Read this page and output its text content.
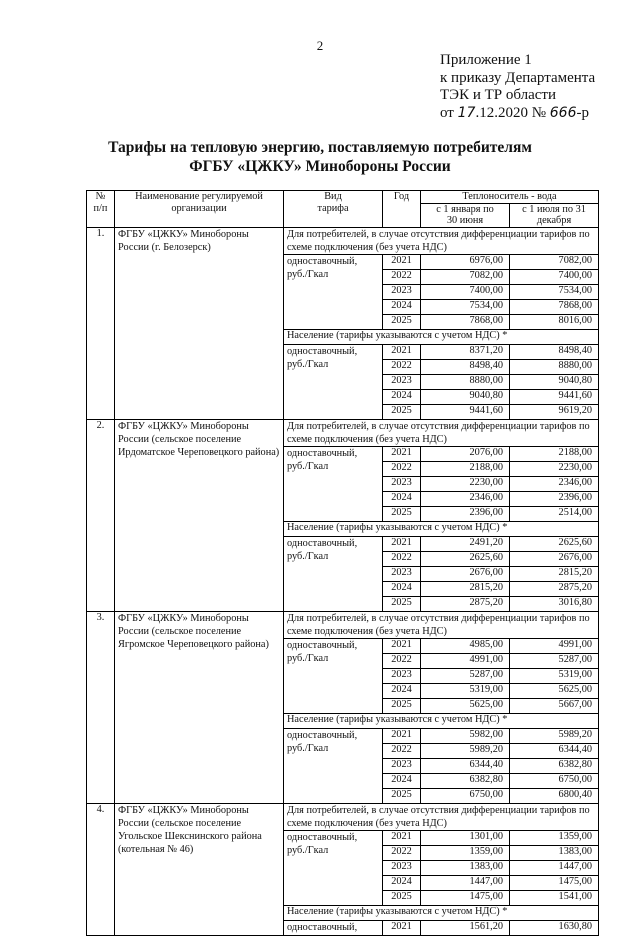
2
Приложение 1
к приказу Департамента
ТЭК и ТР области
от 17.12.2020 № 666-р
Тарифы на тепловую энергию, поставляемую потребителям
ФГБУ «ЦЖКУ» Минобороны России
№ п/п	Наименование регулируемой организации	Вид тарифа	Год	Теплоноситель - вода	
				с 1 января по 30 июня	с 1 июля по 31 декабря
1.	ФГБУ «ЦЖКУ» Минобороны России (г. Белозерск)	Для потребителей, в случае отсутствия дифференциации тарифов по схеме подключения (без учета НДС)			
		одноставочный, руб./Гкал	2021	6976,00	7082,00
			2022	7082,00	7400,00
			2023	7400,00	7534,00
			2024	7534,00	7868,00
			2025	7868,00	8016,00
		Население (тарифы указываются с учетом НДС) *			
		одноставочный, руб./Гкал	2021	8371,20	8498,40
			2022	8498,40	8880,00
			2023	8880,00	9040,80
			2024	9040,80	9441,60
			2025	9441,60	9619,20
2.	ФГБУ «ЦЖКУ» Минобороны России (сельское поселение Ирдоматское Череповецкого района)	Для потребителей, в случае отсутствия дифференциации тарифов по схеме подключения (без учета НДС)			
		одноставочный, руб./Гкал	2021	2076,00	2188,00
			2022	2188,00	2230,00
			2023	2230,00	2346,00
			2024	2346,00	2396,00
			2025	2396,00	2514,00
		Население (тарифы указываются с учетом НДС) *			
		одноставочный, руб./Гкал	2021	2491,20	2625,60
			2022	2625,60	2676,00
			2023	2676,00	2815,20
			2024	2815,20	2875,20
			2025	2875,20	3016,80
3.	ФГБУ «ЦЖКУ» Минобороны России (сельское поселение Ягромское Череповецкого района)	Для потребителей, в случае отсутствия дифференциации тарифов по схеме подключения (без учета НДС)			
		одноставочный, руб./Гкал	2021	4985,00	4991,00
			2022	4991,00	5287,00
			2023	5287,00	5319,00
			2024	5319,00	5625,00
			2025	5625,00	5667,00
		Население (тарифы указываются с учетом НДС) *			
		одноставочный, руб./Гкал	2021	5982,00	5989,20
			2022	5989,20	6344,40
			2023	6344,40	6382,80
			2024	6382,80	6750,00
			2025	6750,00	6800,40
4.	ФГБУ «ЦЖКУ» Минобороны России (сельское поселение Угольское Шекснинского района (котельная № 46)	Для потребителей, в случае отсутствия дифференциации тарифов по схеме подключения (без учета НДС)			
		одноставочный, руб./Гкал	2021	1301,00	1359,00
			2022	1359,00	1383,00
			2023	1383,00	1447,00
			2024	1447,00	1475,00
			2025	1475,00	1541,00
		Население (тарифы указываются с учетом НДС) *			
		одноставочный,	2021	1561,20	1630,80
